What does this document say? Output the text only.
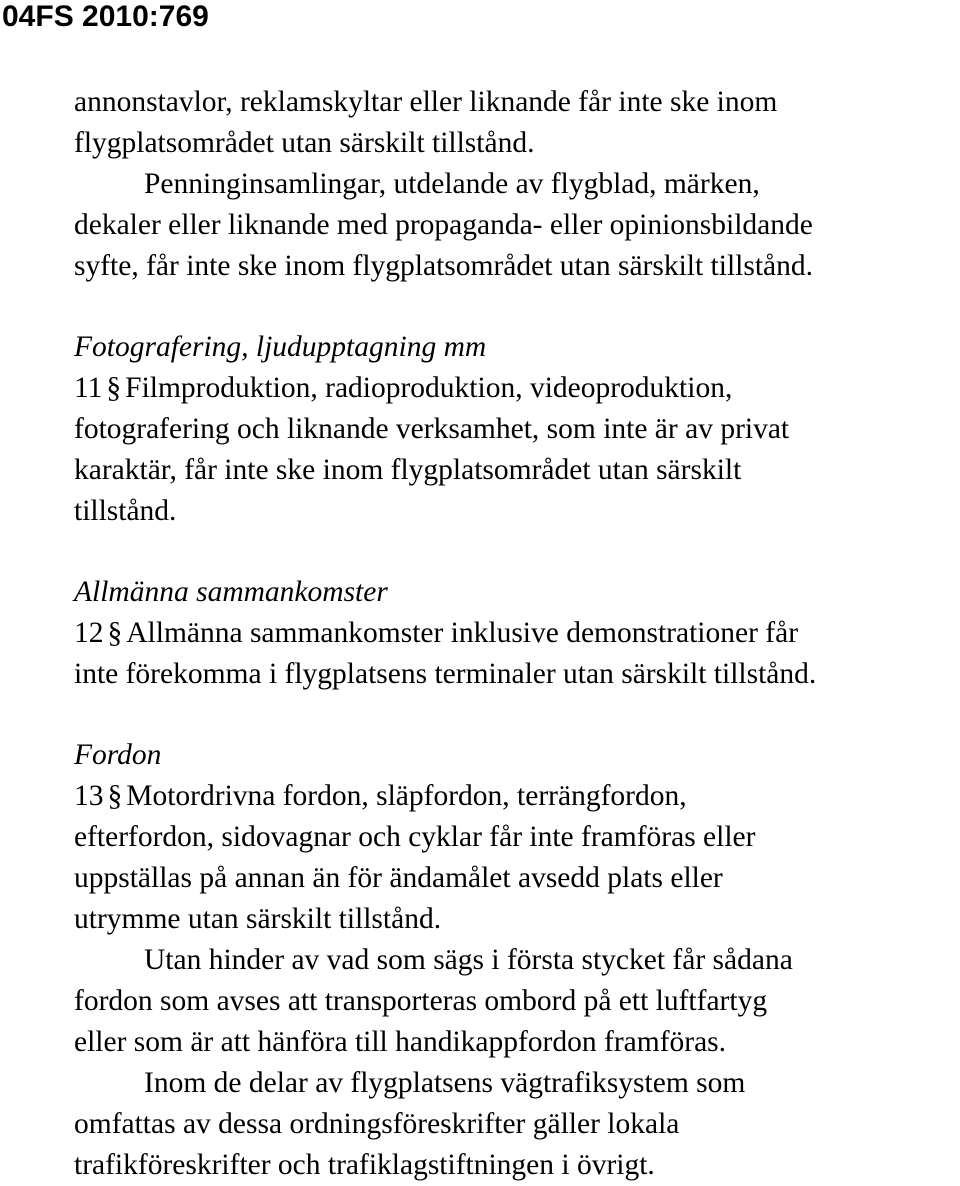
04FS 2010:769
annonstavlor, reklamskyltar eller liknande får inte ske inom
flygplatsområdet utan särskilt tillstånd.
Penninginsamlingar, utdelande av flygblad, märken,
dekaler eller liknande med propaganda- eller opinionsbildande
syfte, får inte ske inom flygplatsområdet utan särskilt tillstånd.
Fotografering, ljudupptagning mm
11 § Filmproduktion, radioproduktion, videoproduktion,
fotografering och liknande verksamhet, som inte är av privat
karaktär, får inte ske inom flygplatsområdet utan särskilt
tillstånd.
Allmänna sammankomster
12 § Allmänna sammankomster inklusive demonstrationer får
inte förekomma i flygplatsens terminaler utan särskilt tillstånd.
Fordon
13 § Motordrivna fordon, släpfordon, terrängfordon,
efterfordon, sidovagnar och cyklar får inte framföras eller
uppställas på annan än för ändamålet avsedd plats eller
utrymme utan särskilt tillstånd.
Utan hinder av vad som sägs i första stycket får sådana
fordon som avses att transporteras ombord på ett luftfartyg
eller som är att hänföra till handikappfordon framföras.
Inom de delar av flygplatsens vägtrafiksystem som
omfattas av dessa ordningsföreskrifter gäller lokala
trafikföreskrifter och trafiklagstiftningen i övrigt.
